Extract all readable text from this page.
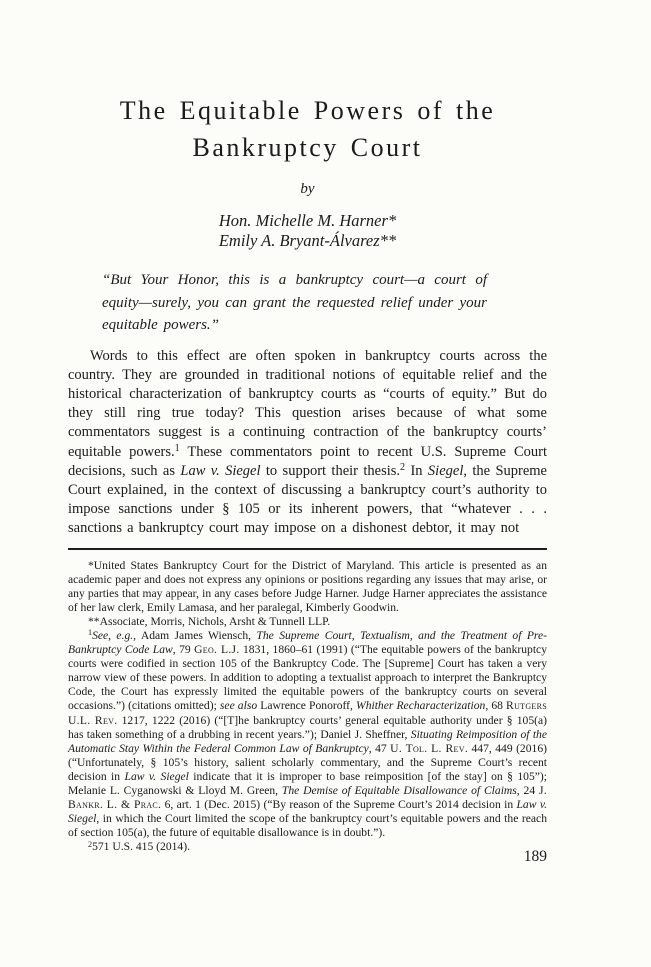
The Equitable Powers of the
Bankruptcy Court
by
Hon. Michelle M. Harner*
Emily A. Bryant-Álvarez**
“But Your Honor, this is a bankruptcy court—a court of equity—surely, you can grant the requested relief under your equitable powers.”

Words to this effect are often spoken in bankruptcy courts across the country. They are grounded in traditional notions of equitable relief and the historical characterization of bankruptcy courts as “courts of equity.” But do they still ring true today? This question arises because of what some commentators suggest is a continuing contraction of the bankruptcy courts’ equitable powers.$^1$ These commentators point to recent U.S. Supreme Court decisions, such as Law v. Siegel to support their thesis.$^2$ In Siegel, the Supreme Court explained, in the context of discussing a bankruptcy court’s authority to impose sanctions under § 105 or its inherent powers, that “whatever . . . sanctions a bankruptcy court may impose on a dishonest debtor, it may not

*United States Bankruptcy Court for the District of Maryland. This article is presented as an academic paper and does not express any opinions or positions regarding any issues that may arise, or any parties that may appear, in any cases before Judge Harner. Judge Harner appreciates the assistance of her law clerk, Emily Lamasa, and her paralegal, Kimberly Goodwin.

**Associate, Morris, Nichols, Arsht & Tunnell LLP.

$^1$See, e.g., Adam James Wiensch, The Supreme Court, Textualism, and the Treatment of Pre-Bankruptcy Code Law, 79 Geo. L.J. 1831, 1860–61 (1991) (“The equitable powers of the bankruptcy courts were codified in section 105 of the Bankruptcy Code. The [Supreme] Court has taken a very narrow view of these powers. In addition to adopting a textualist approach to interpret the Bankruptcy Code, the Court has expressly limited the equitable powers of the bankruptcy courts on several occasions.”) (citations omitted); see also Lawrence Ponoroff, Whither Recharacterization, 68 Rutgers U.L. Rev. 1217, 1222 (2016) (“[T]he bankruptcy courts’ general equitable authority under § 105(a) has taken something of a drubbing in recent years.”); Daniel J. Sheffner, Situating Reimposition of the Automatic Stay Within the Federal Common Law of Bankruptcy, 47 U. Tol. L. Rev. 447, 449 (2016) (“Unfortunately, § 105’s history, salient scholarly commentary, and the Supreme Court’s recent decision in Law v. Siegel indicate that it is improper to base reimposition [of the stay] on § 105”); Melanie L. Cyganowski & Lloyd M. Green, The Demise of Equitable Disallowance of Claims, 24 J. Bankr. L. & Prac. 6, art. 1 (Dec. 2015) (“By reason of the Supreme Court’s 2014 decision in Law v. Siegel, in which the Court limited the scope of the bankruptcy court’s equitable powers and the reach of section 105(a), the future of equitable disallowance is in doubt.”).

$^2$571 U.S. 415 (2014).

189
